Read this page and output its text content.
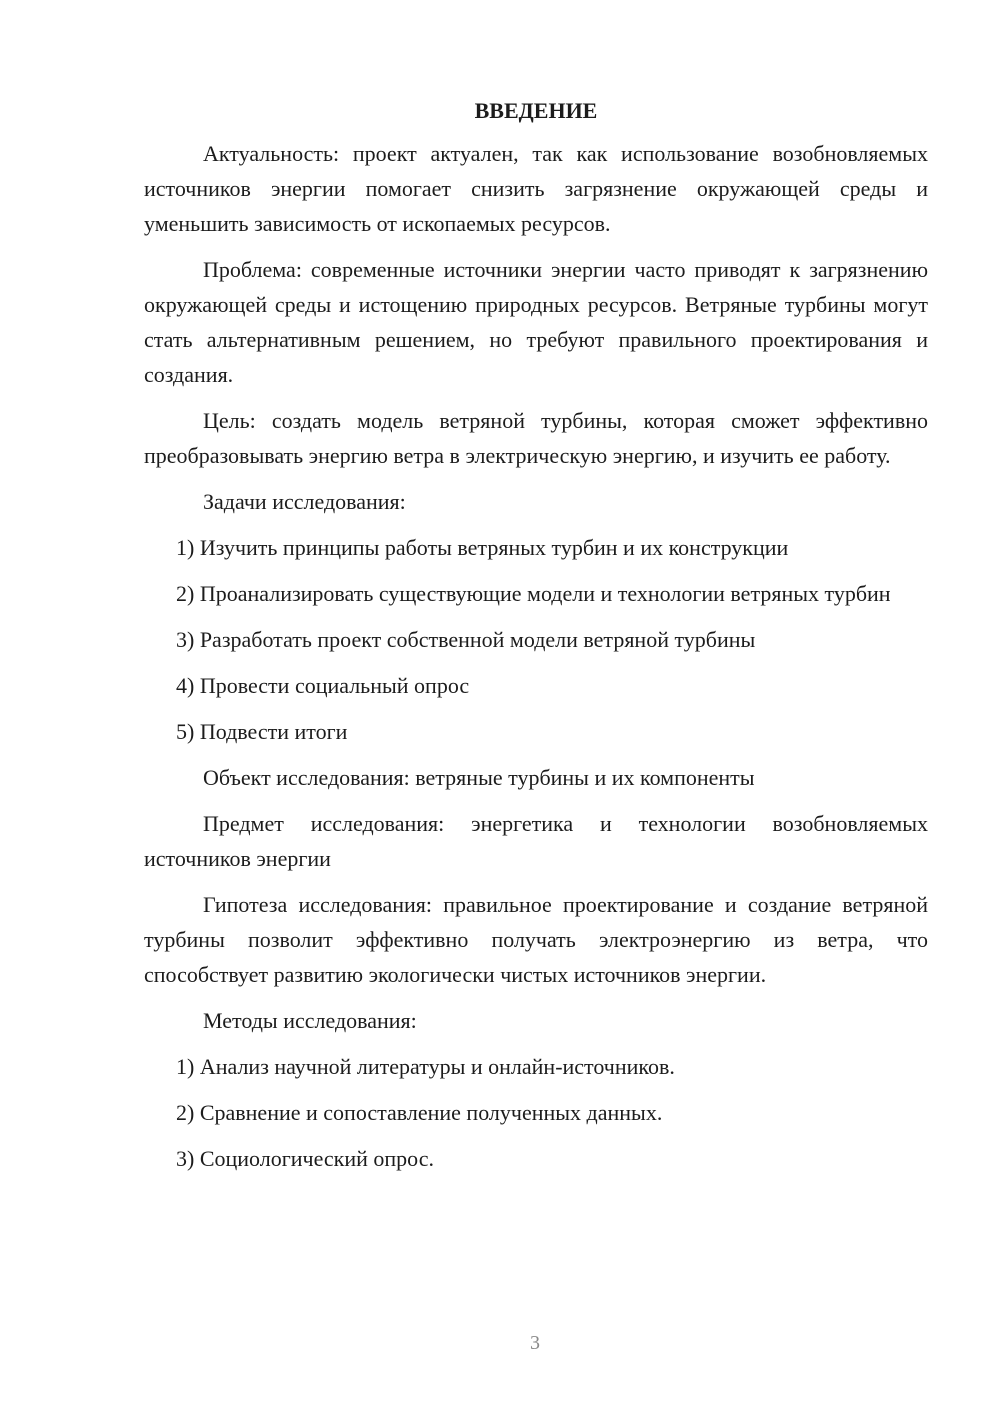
ВВЕДЕНИЕ
Актуальность: проект актуален, так как использование возобновляемых источников энергии помогает снизить загрязнение окружающей среды и уменьшить зависимость от ископаемых ресурсов.
Проблема: современные источники энергии часто приводят к загрязнению окружающей среды и истощению природных ресурсов. Ветряные турбины могут стать альтернативным решением, но требуют правильного проектирования и создания.
Цель: создать модель ветряной турбины, которая сможет эффективно преобразовывать энергию ветра в электрическую энергию, и изучить ее работу.
Задачи исследования:
1) Изучить принципы работы ветряных турбин и их конструкции
2) Проанализировать существующие модели и технологии ветряных турбин
3) Разработать проект собственной модели ветряной турбины
4) Провести социальный опрос
5) Подвести итоги
Объект исследования: ветряные турбины и их компоненты
Предмет исследования: энергетика и технологии возобновляемых источников энергии
Гипотеза исследования: правильное проектирование и создание ветряной турбины позволит эффективно получать электроэнергию из ветра, что способствует развитию экологически чистых источников энергии.
Методы исследования:
1) Анализ научной литературы и онлайн-источников.
2) Сравнение и сопоставление полученных данных.
3) Социологический опрос.
3
